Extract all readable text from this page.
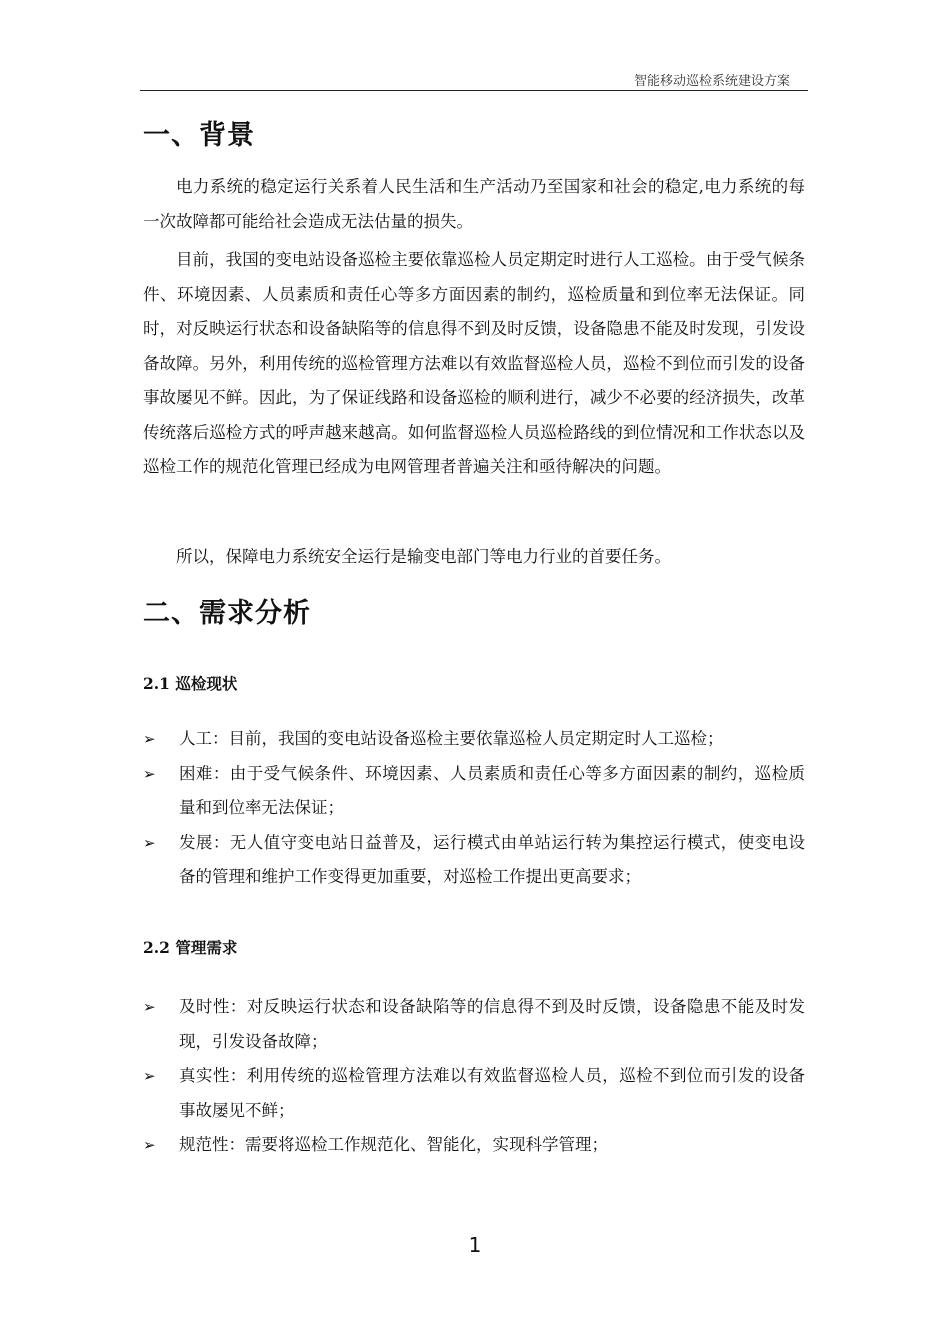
智能移动巡检系统建设方案
一、背景

电力系统的稳定运行关系着人民生活和生产活动乃至国家和社会的稳定,电力系统的每一次故障都可能给社会造成无法估量的损失。

目前，我国的变电站设备巡检主要依靠巡检人员定期定时进行人工巡检。由于受气候条件、环境因素、人员素质和责任心等多方面因素的制约，巡检质量和到位率无法保证。同时，对反映运行状态和设备缺陷等的信息得不到及时反馈，设备隐患不能及时发现，引发设备故障。另外，利用传统的巡检管理方法难以有效监督巡检人员，巡检不到位而引发的设备事故屡见不鲜。因此，为了保证线路和设备巡检的顺利进行，减少不必要的经济损失，改革传统落后巡检方式的呼声越来越高。如何监督巡检人员巡检路线的到位情况和工作状态以及巡检工作的规范化管理已经成为电网管理者普遍关注和亟待解决的问题。

所以，保障电力系统安全运行是输变电部门等电力行业的首要任务。

二、需求分析
2.1 巡检现状
➢ 人工：目前，我国的变电站设备巡检主要依靠巡检人员定期定时人工巡检；
➢ 困难：由于受气候条件、环境因素、人员素质和责任心等多方面因素的制约，巡检质量和到位率无法保证；
➢ 发展：无人值守变电站日益普及，运行模式由单站运行转为集控运行模式，使变电设备的管理和维护工作变得更加重要，对巡检工作提出更高要求；
2.2 管理需求
➢ 及时性：对反映运行状态和设备缺陷等的信息得不到及时反馈，设备隐患不能及时发现，引发设备故障；
➢ 真实性：利用传统的巡检管理方法难以有效监督巡检人员，巡检不到位而引发的设备事故屡见不鲜；
➢ 规范性：需要将巡检工作规范化、智能化，实现科学管理；
1
